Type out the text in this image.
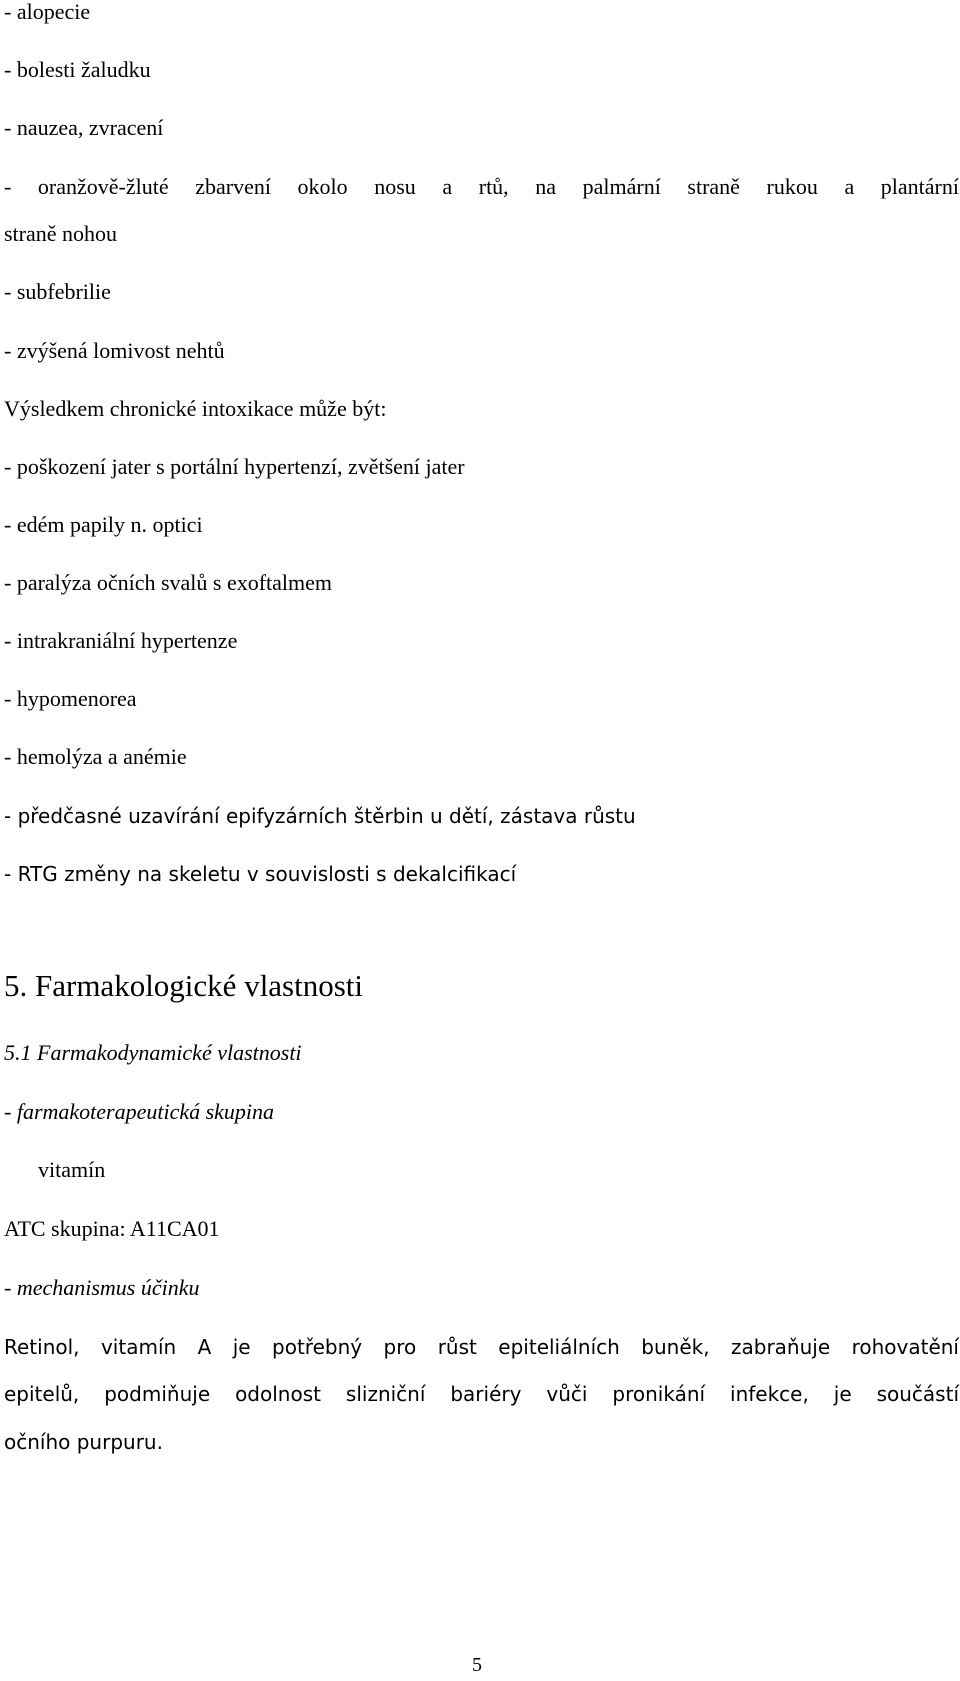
- alopecie
- bolesti žaludku
- nauzea, zvracení
- oranžově-žluté zbarvení okolo nosu a rtů, na palmární straně rukou a plantární
straně nohou
- subfebrilie
- zvýšená lomivost nehtů
Výsledkem chronické intoxikace může být:
- poškození jater s portální hypertenzí, zvětšení jater
- edém papily n. optici
- paralýza očních svalů s exoftalmem
- intrakraniální hypertenze
- hypomenorea
- hemolýza a anémie
- předčasné uzavírání epifyzárních štěrbin u dětí, zástava růstu
- RTG změny na skeletu v souvislosti s dekalcifikací
5. Farmakologické vlastnosti
5.1 Farmakodynamické vlastnosti
- farmakoterapeutická skupina
vitamín
ATC skupina: A11CA01
- mechanismus účinku
Retinol, vitamín A je potřebný pro růst epiteliálních buněk, zabraňuje rohovatění
epitelů, podmiňuje odolnost slizniční bariéry vůči pronikání infekce, je součástí
očního purpuru.
5
